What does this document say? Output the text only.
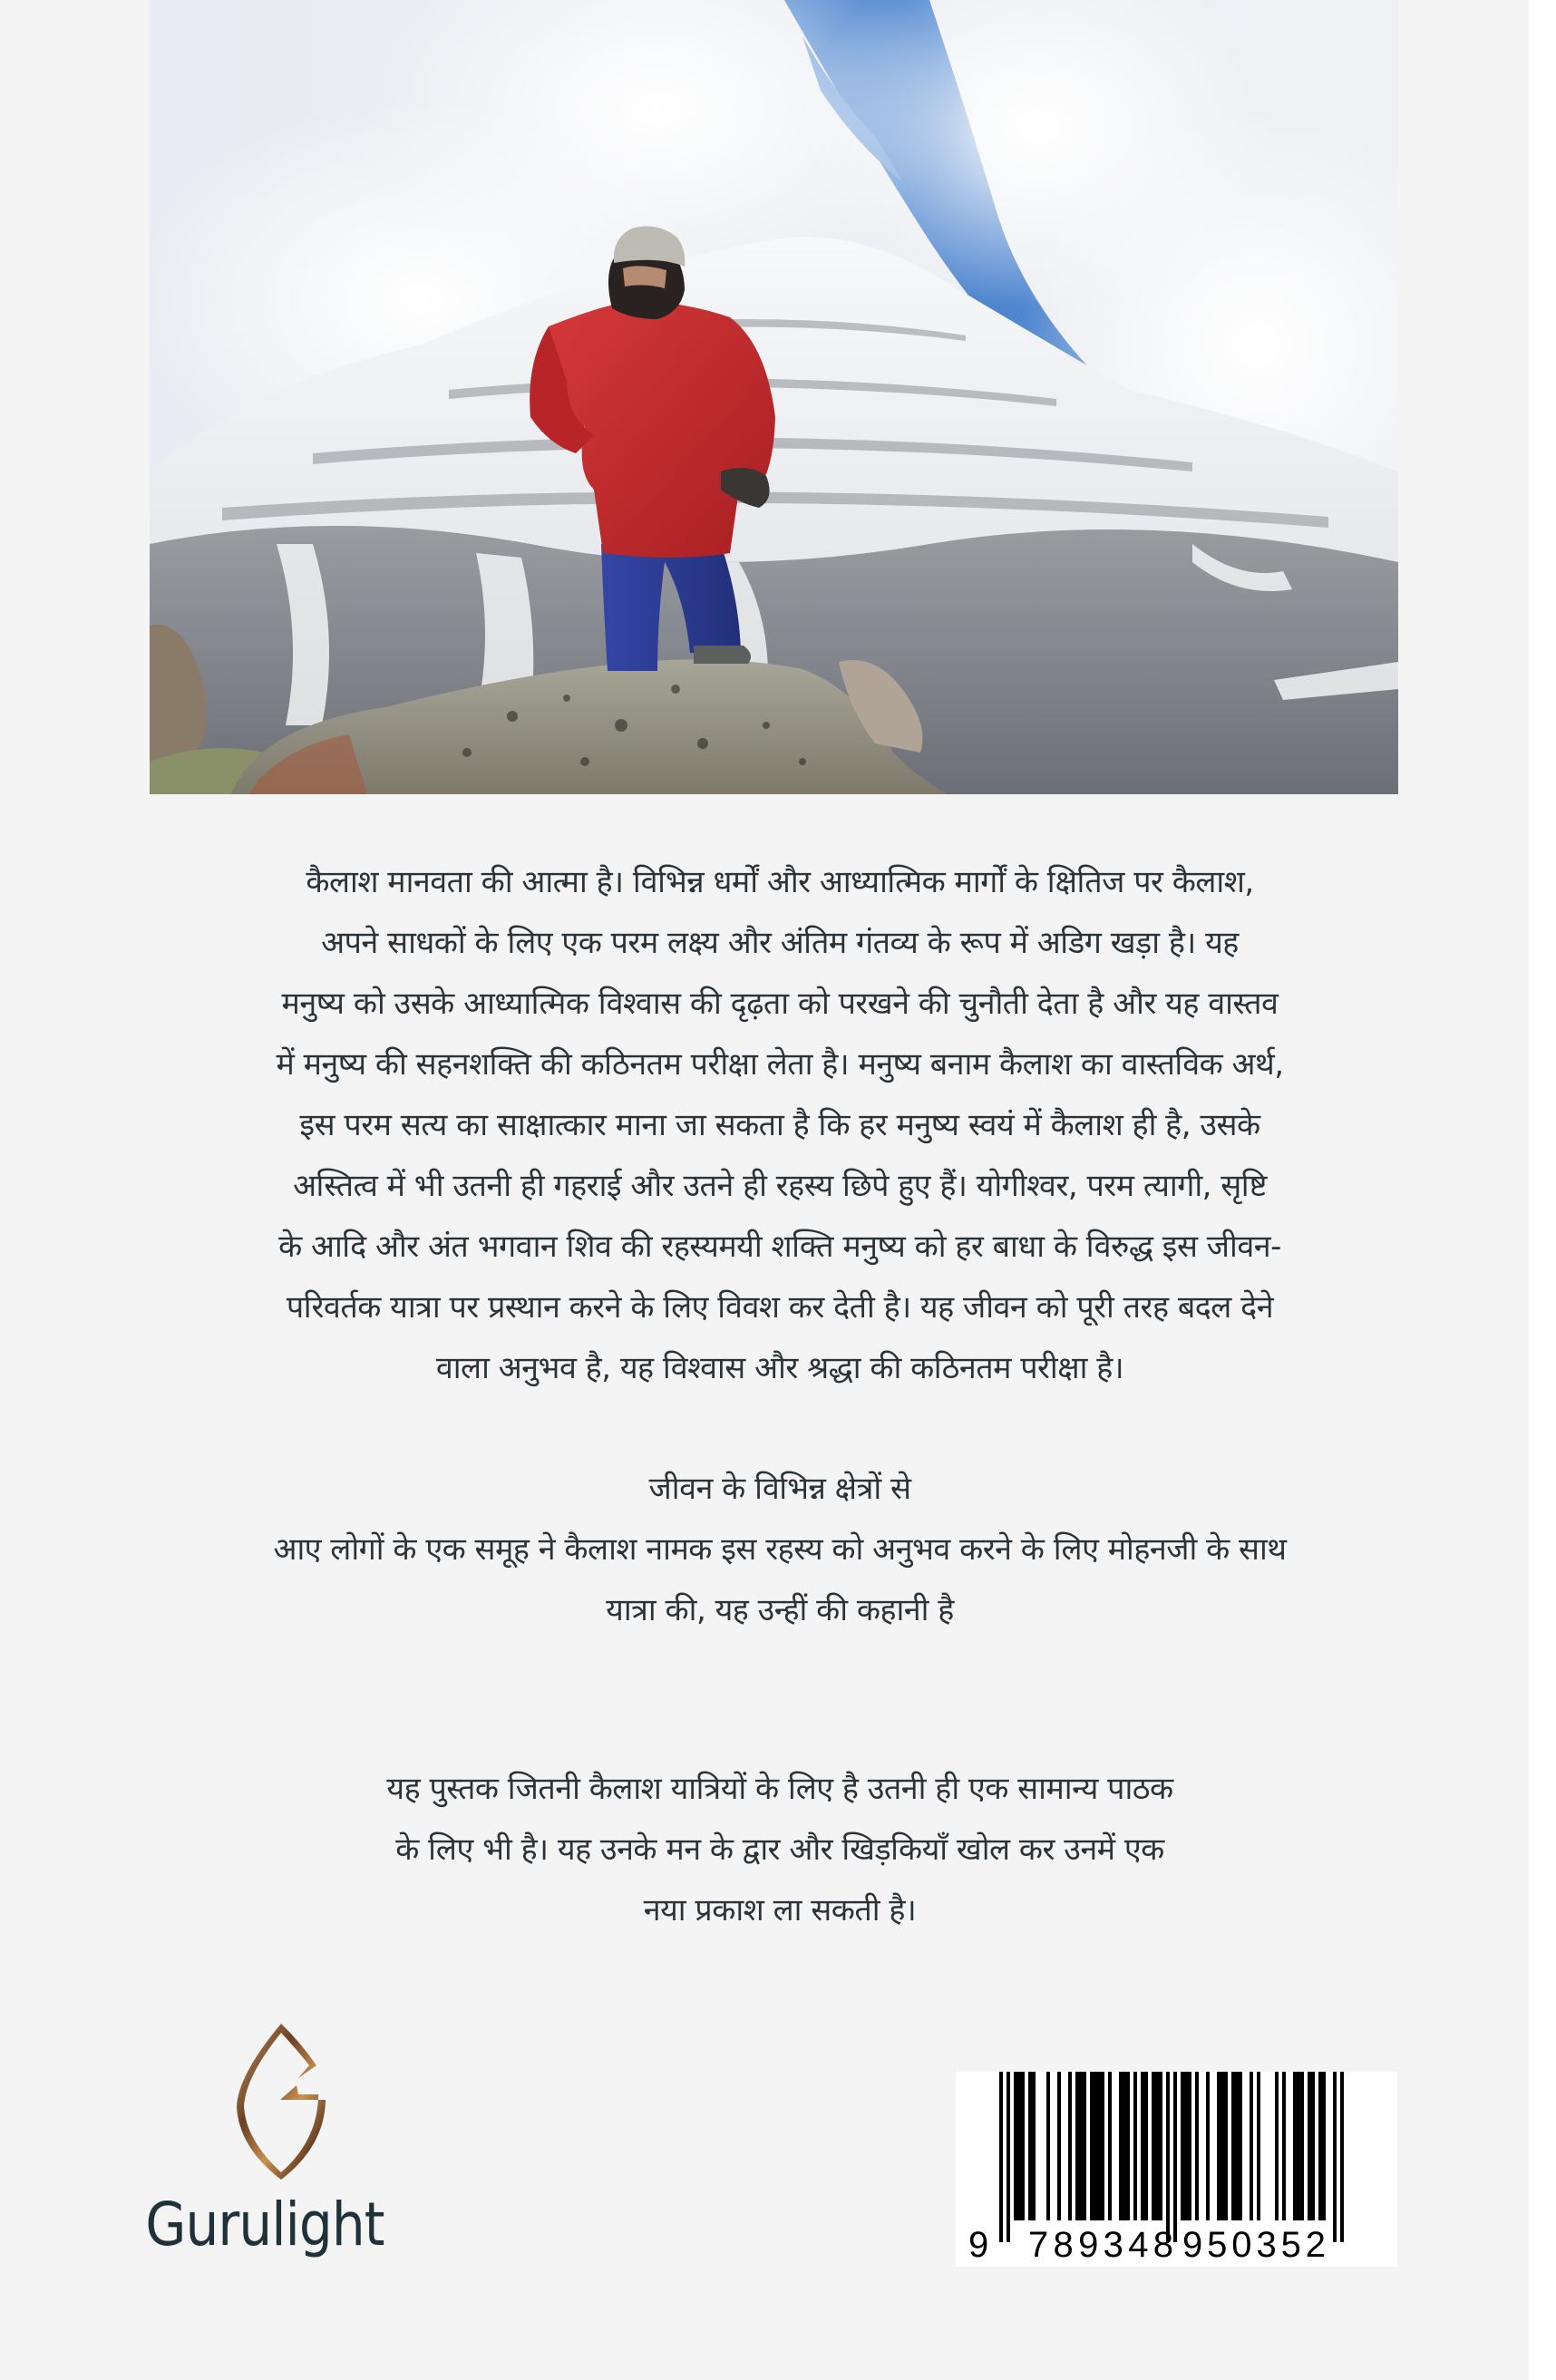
कैलाश मानवता की आत्मा है। विभिन्न धर्मों और आध्यात्मिक मार्गों के क्षितिज पर कैलाश,
अपने साधकों के लिए एक परम लक्ष्य और अंतिम गंतव्य के रूप में अडिग खड़ा है। यह
मनुष्य को उसके आध्यात्मिक विश्वास की दृढ़ता को परखने की चुनौती देता है और यह वास्तव
में मनुष्य की सहनशक्ति की कठिनतम परीक्षा लेता है। मनुष्य बनाम कैलाश का वास्तविक अर्थ,
इस परम सत्य का साक्षात्कार माना जा सकता है कि हर मनुष्य स्वयं में कैलाश ही है, उसके
अस्तित्व में भी उतनी ही गहराई और उतने ही रहस्य छिपे हुए हैं। योगीश्वर, परम त्यागी, सृष्टि
के आदि और अंत भगवान शिव की रहस्यमयी शक्ति मनुष्य को हर बाधा के विरुद्ध इस जीवन-
परिवर्तक यात्रा पर प्रस्थान करने के लिए विवश कर देती है। यह जीवन को पूरी तरह बदल देने
वाला अनुभव है, यह विश्वास और श्रद्धा की कठिनतम परीक्षा है।
जीवन के विभिन्न क्षेत्रों से
आए लोगों के एक समूह ने कैलाश नामक इस रहस्य को अनुभव करने के लिए मोहनजी के साथ
यात्रा की, यह उन्हीं की कहानी है
यह पुस्तक जितनी कैलाश यात्रियों के लिए है उतनी ही एक सामान्य पाठक
के लिए भी है। यह उनके मन के द्वार और खिड़कियाँ खोल कर उनमें एक
नया प्रकाश ला सकती है।
Gurulight	9 789348 950352
